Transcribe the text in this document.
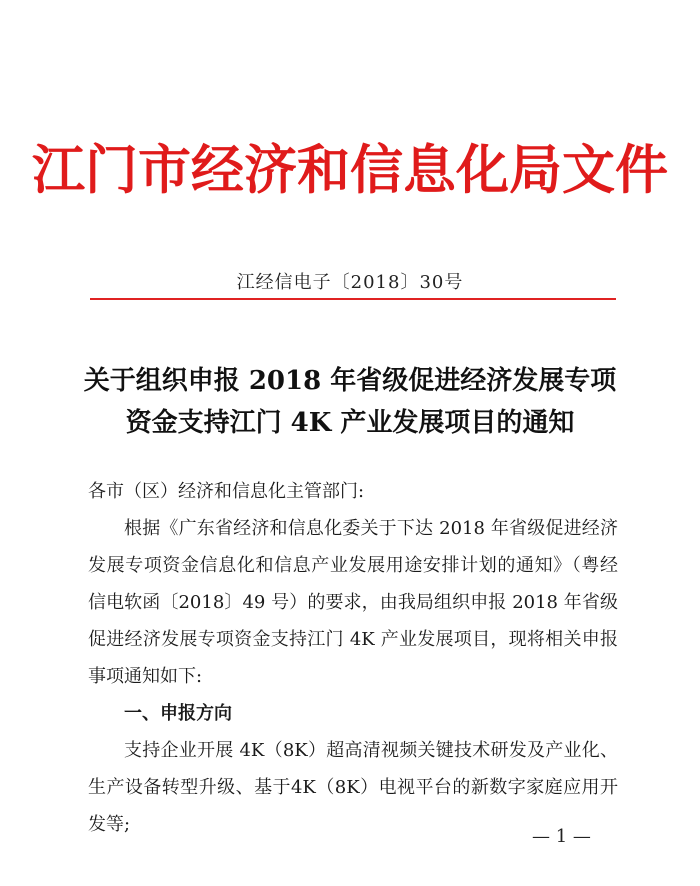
江门市经济和信息化局文件
江经信电子〔2018〕30号
关于组织申报 2018 年省级促进经济发展专项
资金支持江门 4K 产业发展项目的通知

各市（区）经济和信息化主管部门:

根据《广东省经济和信息化委关于下达 2018 年省级促进经济发展专项资金信息化和信息产业发展用途安排计划的通知》（粤经信电软函〔2018〕49 号）的要求，由我局组织申报 2018 年省级促进经济发展专项资金支持江门 4K 产业发展项目，现将相关申报事项通知如下:

一、申报方向

支持企业开展 4K（8K）超高清视频关键技术研发及产业化、生产设备转型升级、基于4K（8K）电视平台的新数字家庭应用开发等;

— 1 —
